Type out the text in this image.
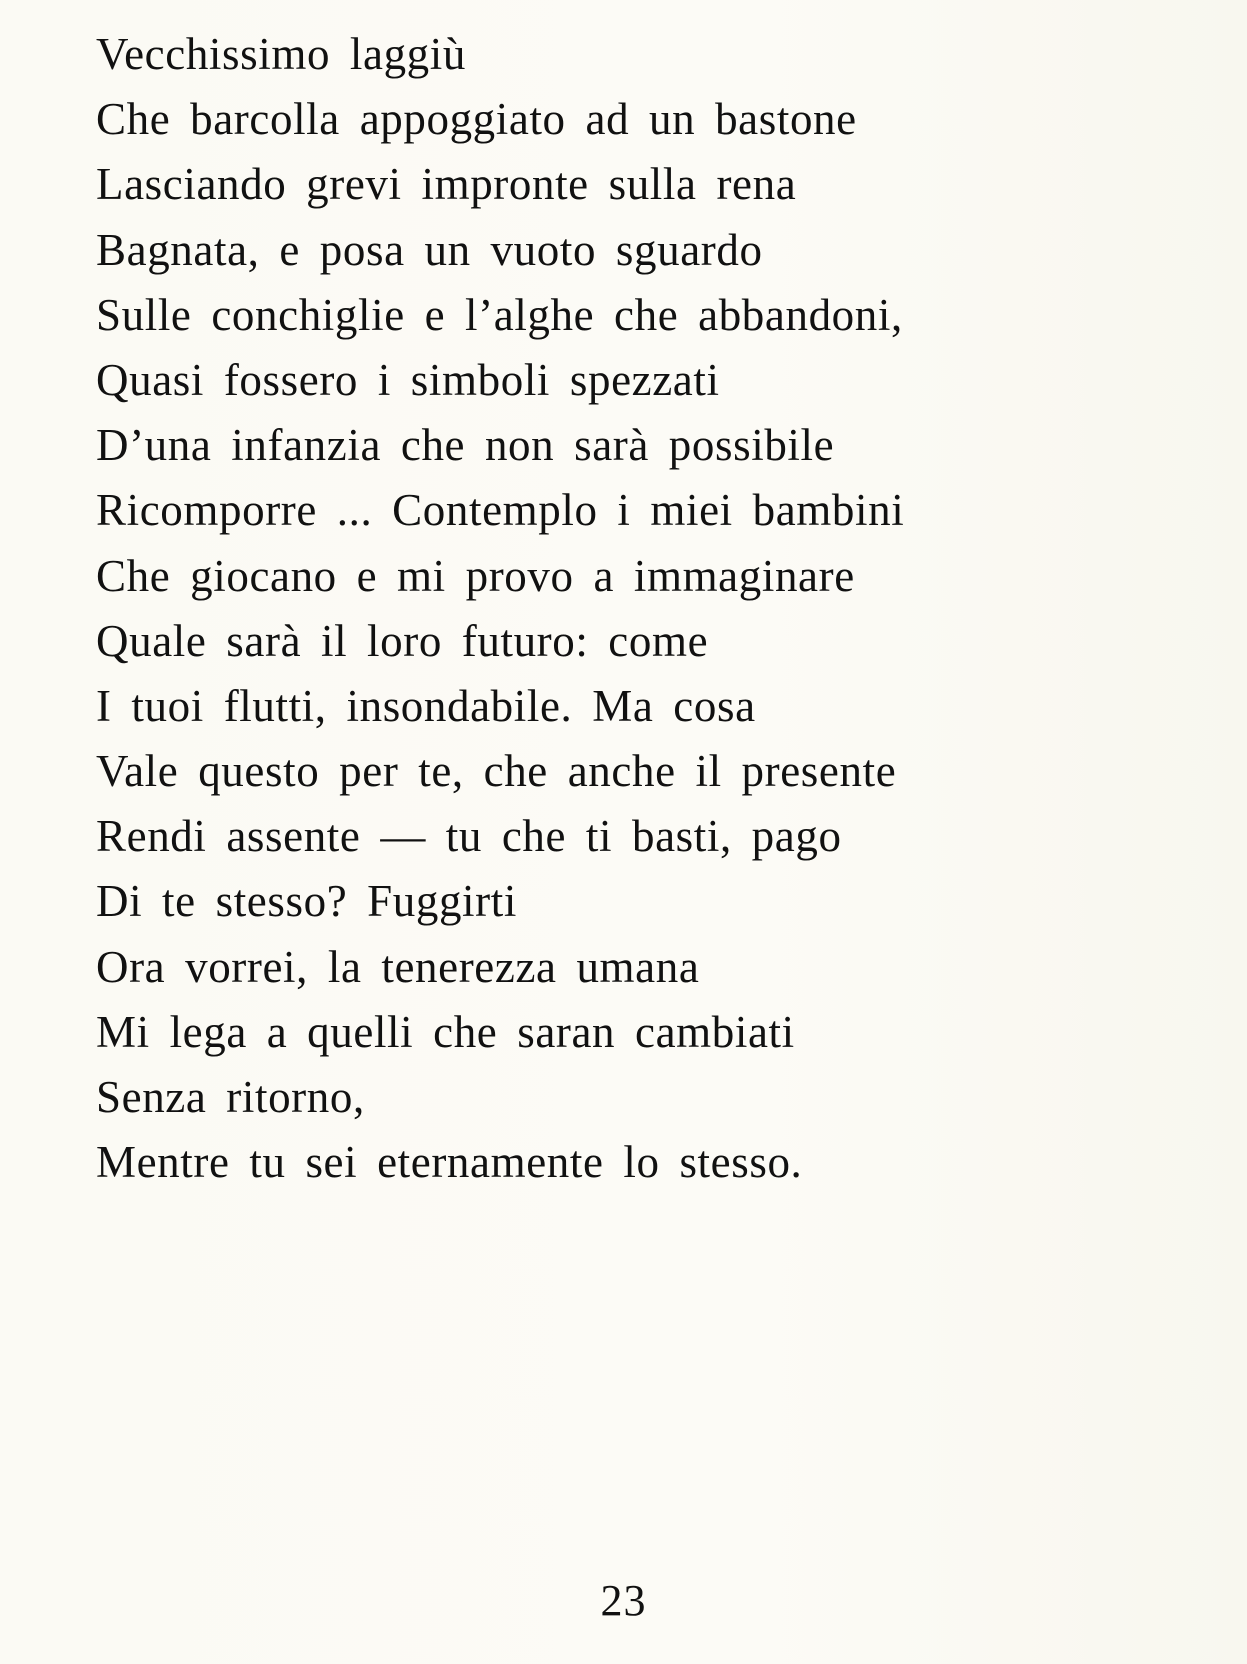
Vecchissimo laggiù
Che barcolla appoggiato ad un bastone
Lasciando grevi impronte sulla rena
Bagnata, e posa un vuoto sguardo
Sulle conchiglie e l’alghe che abbandoni,
Quasi fossero i simboli spezzati
D’una infanzia che non sarà possibile
Ricomporre ... Contemplo i miei bambini
Che giocano e mi provo a immaginare
Quale sarà il loro futuro: come
I tuoi flutti, insondabile. Ma cosa
Vale questo per te, che anche il presente
Rendi assente — tu che ti basti, pago
Di te stesso? Fuggirti
Ora vorrei, la tenerezza umana
Mi lega a quelli che saran cambiati
Senza ritorno,
Mentre tu sei eternamente lo stesso.
23
